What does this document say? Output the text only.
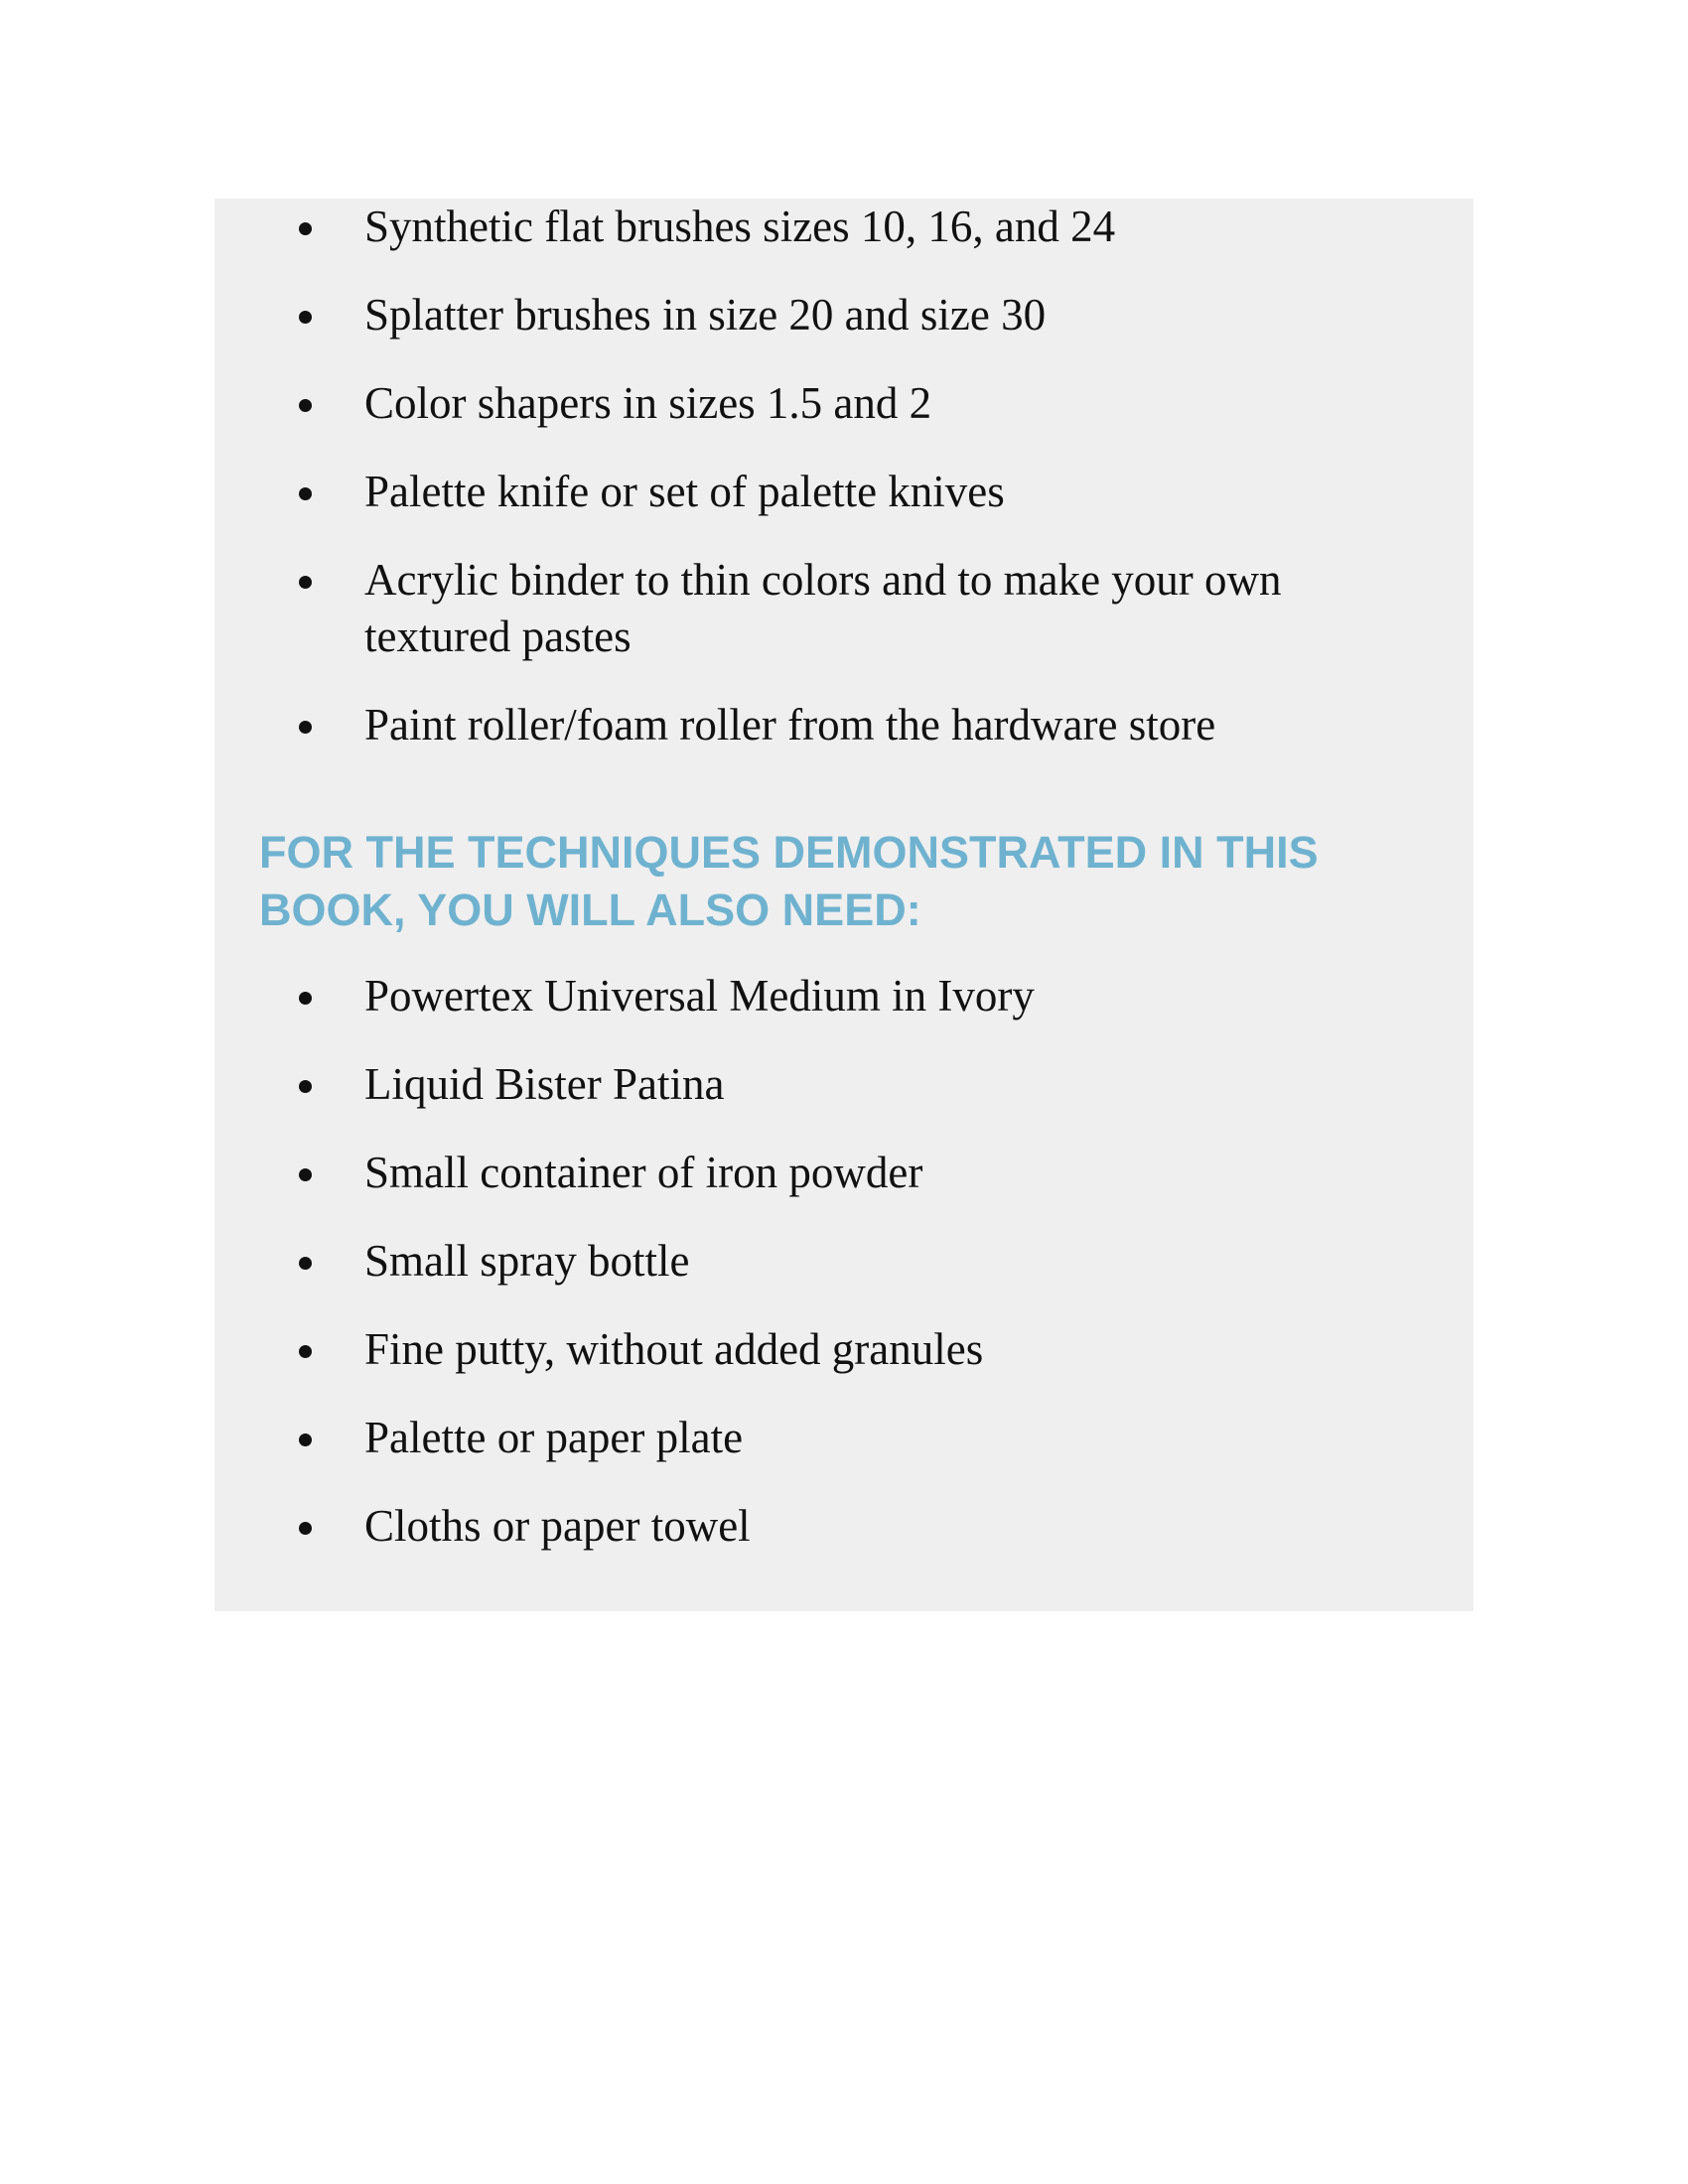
Synthetic flat brushes sizes 10, 16, and 24
Splatter brushes in size 20 and size 30
Color shapers in sizes 1.5 and 2
Palette knife or set of palette knives
Acrylic binder to thin colors and to make your own textured pastes
Paint roller/foam roller from the hardware store
FOR THE TECHNIQUES DEMONSTRATED IN THIS BOOK, YOU WILL ALSO NEED:
Powertex Universal Medium in Ivory
Liquid Bister Patina
Small container of iron powder
Small spray bottle
Fine putty, without added granules
Palette or paper plate
Cloths or paper towel
